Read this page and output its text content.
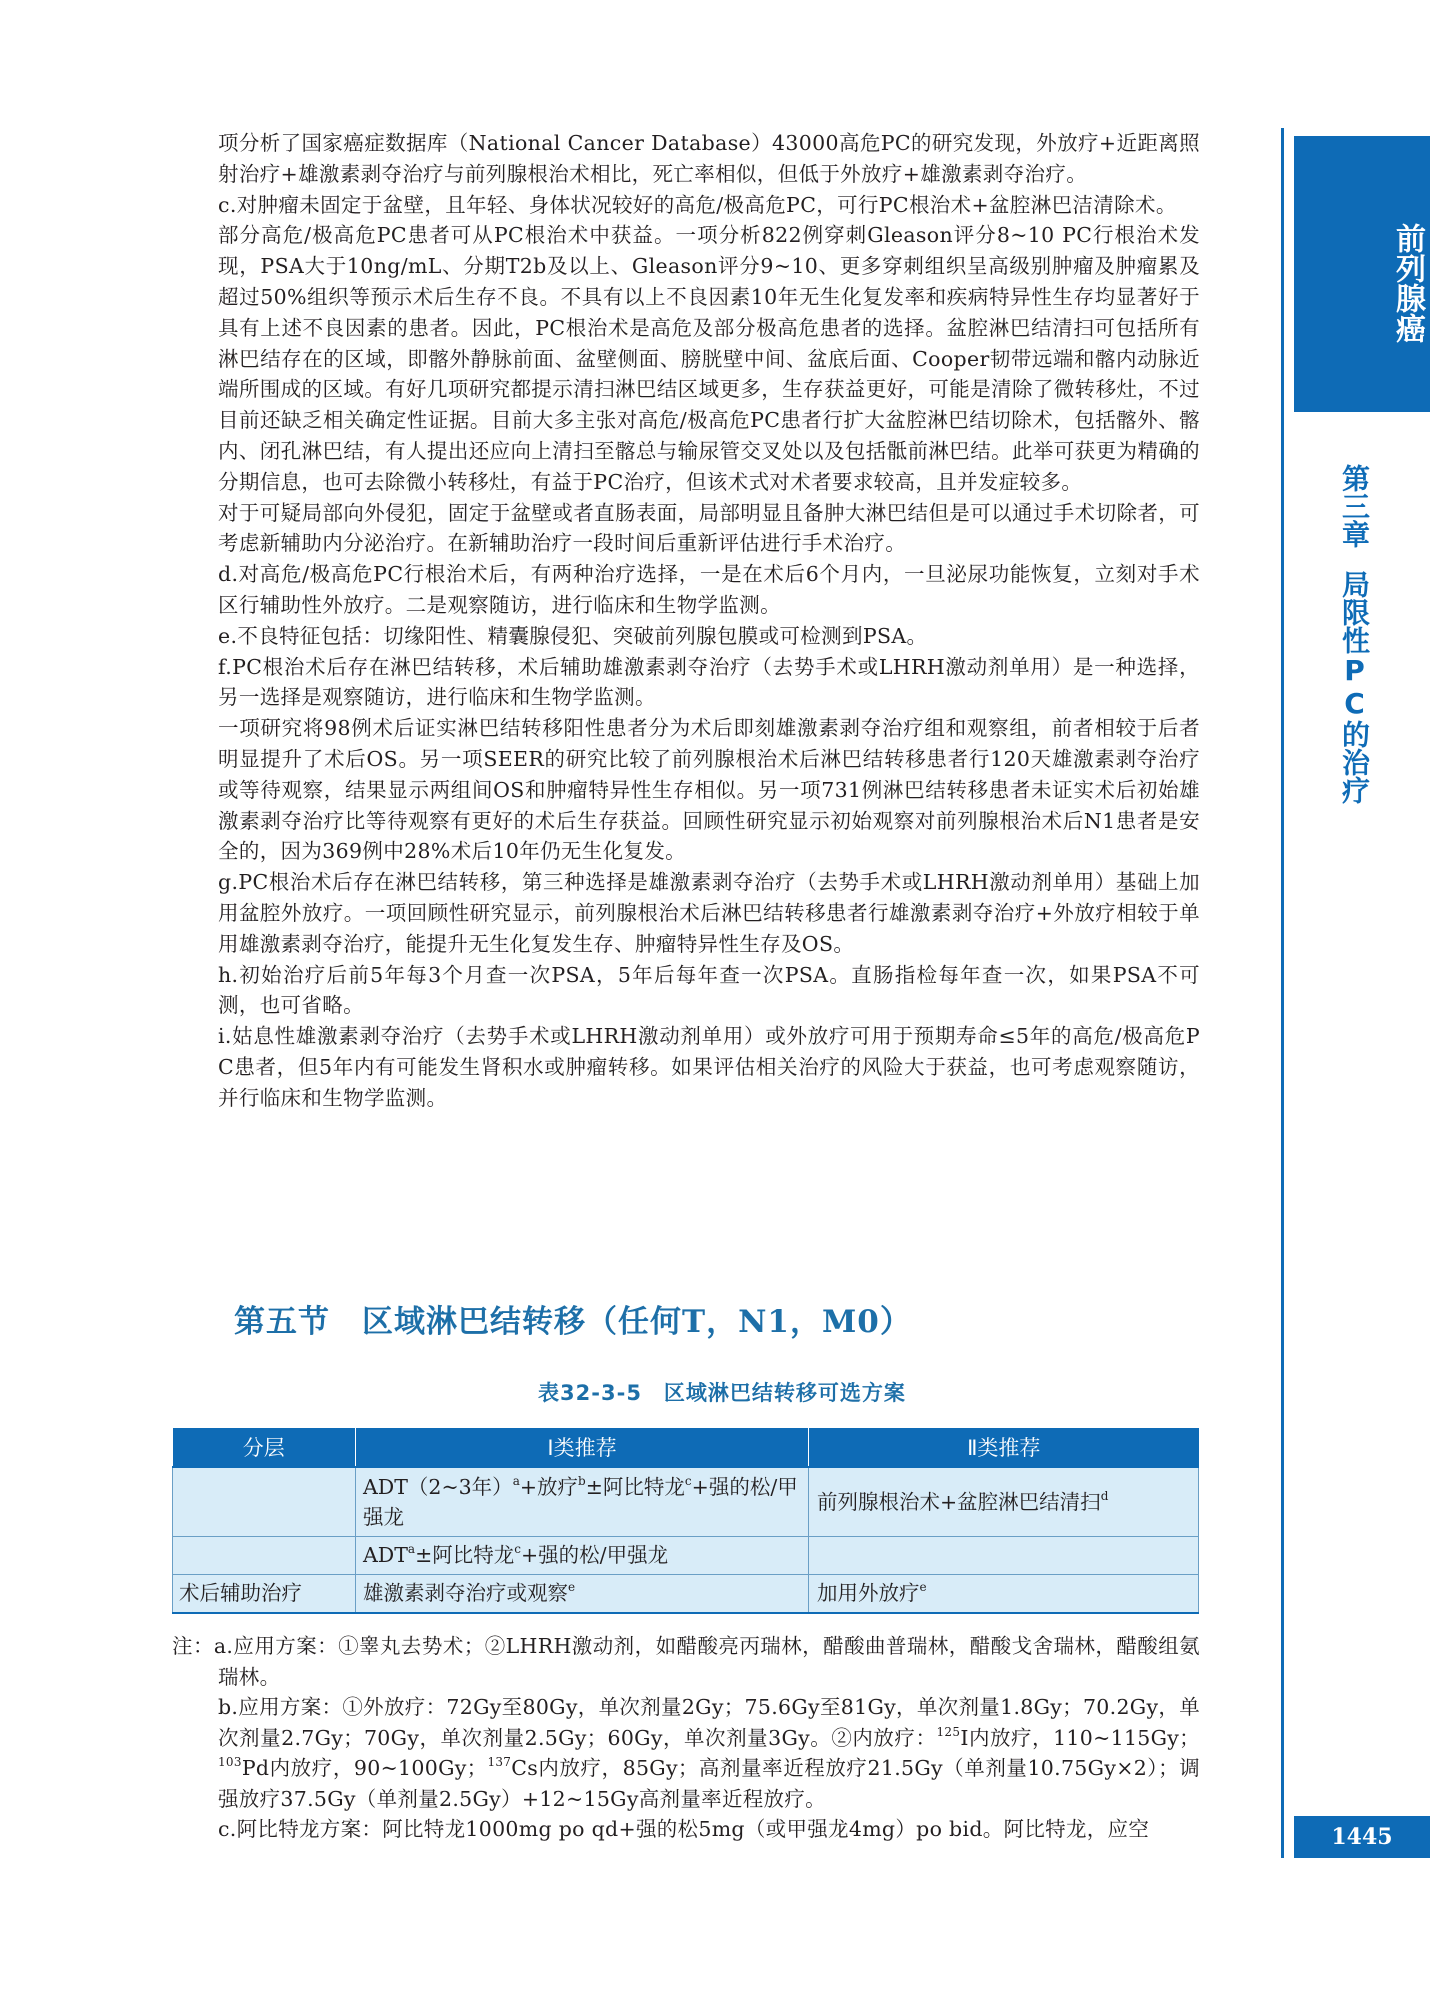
项分析了国家癌症数据库（National Cancer Database）43000高危PC的研究发现，外放疗+近距离照射治疗+雄激素剥夺治疗与前列腺根治术相比，死亡率相似，但低于外放疗+雄激素剥夺治疗。

c.对肿瘤未固定于盆壁，且年轻、身体状况较好的高危/极高危PC，可行PC根治术+盆腔淋巴洁清除术。

部分高危/极高危PC患者可从PC根治术中获益。一项分析822例穿刺Gleason评分8~10 PC行根治术发现，PSA大于10ng/mL、分期T2b及以上、Gleason评分9~10、更多穿刺组织呈高级别肿瘤及肿瘤累及超过50%组织等预示术后生存不良。不具有以上不良因素10年无生化复发率和疾病特异性生存均显著好于具有上述不良因素的患者。因此，PC根治术是高危及部分极高危患者的选择。盆腔淋巴结清扫可包括所有淋巴结存在的区域，即髂外静脉前面、盆壁侧面、膀胱壁中间、盆底后面、Cooper韧带远端和髂内动脉近端所围成的区域。有好几项研究都提示清扫淋巴结区域更多，生存获益更好，可能是清除了微转移灶，不过目前还缺乏相关确定性证据。目前大多主张对高危/极高危PC患者行扩大盆腔淋巴结切除术，包括髂外、髂内、闭孔淋巴结，有人提出还应向上清扫至髂总与输尿管交叉处以及包括骶前淋巴结。此举可获更为精确的分期信息，也可去除微小转移灶，有益于PC治疗，但该术式对术者要求较高，且并发症较多。

对于可疑局部向外侵犯，固定于盆壁或者直肠表面，局部明显且备肿大淋巴结但是可以通过手术切除者，可考虑新辅助内分泌治疗。在新辅助治疗一段时间后重新评估进行手术治疗。

d.对高危/极高危PC行根治术后，有两种治疗选择，一是在术后6个月内，一旦泌尿功能恢复，立刻对手术区行辅助性外放疗。二是观察随访，进行临床和生物学监测。

e.不良特征包括：切缘阳性、精囊腺侵犯、突破前列腺包膜或可检测到PSA。

f.PC根治术后存在淋巴结转移，术后辅助雄激素剥夺治疗（去势手术或LHRH激动剂单用）是一种选择，另一选择是观察随访，进行临床和生物学监测。

一项研究将98例术后证实淋巴结转移阳性患者分为术后即刻雄激素剥夺治疗组和观察组，前者相较于后者明显提升了术后OS。另一项SEER的研究比较了前列腺根治术后淋巴结转移患者行120天雄激素剥夺治疗或等待观察，结果显示两组间OS和肿瘤特异性生存相似。另一项731例淋巴结转移患者未证实术后初始雄激素剥夺治疗比等待观察有更好的术后生存获益。回顾性研究显示初始观察对前列腺根治术后N1患者是安全的，因为369例中28%术后10年仍无生化复发。

g.PC根治术后存在淋巴结转移，第三种选择是雄激素剥夺治疗（去势手术或LHRH激动剂单用）基础上加用盆腔外放疗。一项回顾性研究显示，前列腺根治术后淋巴结转移患者行雄激素剥夺治疗+外放疗相较于单用雄激素剥夺治疗，能提升无生化复发生存、肿瘤特异性生存及OS。

h.初始治疗后前5年每3个月查一次PSA，5年后每年查一次PSA。直肠指检每年查一次，如果PSA不可测，也可省略。

i.姑息性雄激素剥夺治疗（去势手术或LHRH激动剂单用）或外放疗可用于预期寿命≤5年的高危/极高危PC患者，但5年内有可能发生肾积水或肿瘤转移。如果评估相关治疗的风险大于获益，也可考虑观察随访，并行临床和生物学监测。

第五节　区域淋巴结转移（任何T，N1，M0）
表32-3-5　区域淋巴结转移可选方案
分层	Ⅰ类推荐	Ⅱ类推荐
	ADT（2~3年）$^a$+放疗$^b$±阿比特龙$^c$+强的松/甲强龙	前列腺根治术+盆腔淋巴结清扫$^d$
	$ADT^a\pm$阿比特龙$^c$+强的松/甲强龙	
术后辅助治疗	雄激素剥夺治疗或观察$^e$	加用外放疗$^e$

注：a.应用方案：①睾丸去势术；②LHRH激动剂，如醋酸亮丙瑞林，醋酸曲普瑞林，醋酸戈舍瑞林，醋酸组氨瑞林。

b.应用方案：①外放疗：72Gy至80Gy，单次剂量2Gy；75.6Gy至81Gy，单次剂量1.8Gy；70.2Gy，单次剂量2.7Gy；70Gy，单次剂量2.5Gy；60Gy，单次剂量3Gy。②内放疗：$^{125}$I内放疗，110~115Gy；$^{103}$Pd内放疗，90~100Gy；$^{137}$Cs内放疗，85Gy；高剂量率近程放疗21.5Gy（单剂量10.75Gy×2）；调强放疗37.5Gy（单剂量2.5Gy）+12~15Gy高剂量率近程放疗。

c.阿比特龙方案：阿比特龙1000mg po qd+强的松5mg（或甲强龙4mg）po bid。阿比特龙，应空

前列腺癌
第三章局限性PC的治疗
1445
